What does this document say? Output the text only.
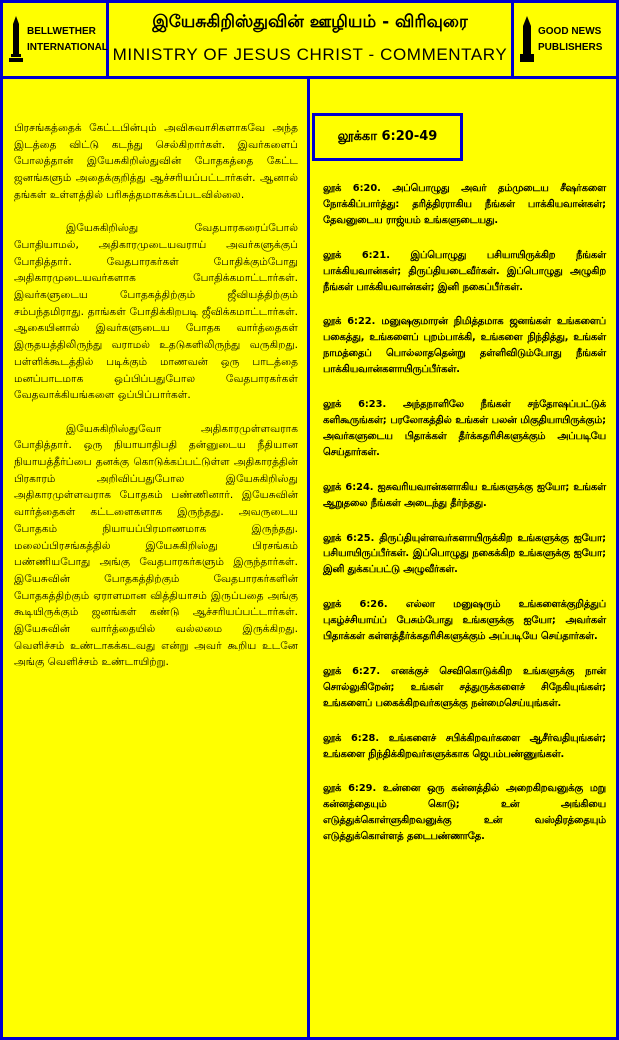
BELLWETHER
INTERNATIONAL
இயேசுகிறிஸ்துவின் ஊழியம் - விரிவுரை
MINISTRY OF JESUS CHRIST - COMMENTARY
GOOD NEWS
PUBLISHERS

பிரசங்கத்தைக் கேட்டபின்பும் அவிசுவாசிகளாகவே அந்த இடத்தை விட்டு கடந்து செல்கிறார்கள். இவர்களைப் போலத்தான் இயேசுகிறிஸ்துவின் போதகத்தை கேட்ட ஜனங்களும் அதைக்குறித்து ஆச்சரியப்பட்டார்கள். ஆனால் தங்கள் உள்ளத்தில் பரிசுத்தமாகக்கப்படவில்லை.

இயேசுகிறிஸ்து வேதபாரகரைப்போல் போதியாமல், அதிகாரமுடையவராய் அவர்களுக்குப் போதித்தார். வேதபாரகர்கள் போதிக்கும்போது அதிகாரமுடையவர்களாக போதிக்கமாட்டார்கள். இவர்களுடைய போதகத்திற்கும் ஜீவியத்திற்கும் சம்பந்தமிராது. தாங்கள் போதிக்கிறபடி ஜீவிக்கமாட்டார்கள். ஆகையினால் இவர்களுடைய போதக வார்த்தைகள் இருதயத்திலிருந்து வராமல் உதடுகளிலிருந்து வருகிறது. பள்ளிக்கூடத்தில் படிக்கும் மாணவன் ஒரு பாடத்தை மனப்பாடமாக ஒப்பிப்பதுபோல வேதபாரகர்கள் வேதவாக்கியங்களை ஒப்பிப்பார்கள்.

இயேசுகிறிஸ்துவோ அதிகாரமுள்ளவராக போதித்தார். ஒரு நியாயாதிபதி தன்னுடைய நீதியான நியாயத்தீர்ப்பை தனக்கு கொடுக்கப்பட்டுள்ள அதிகாரத்தின் பிரகாரம் அறிவிப்பதுபோல இயேசுகிறிஸ்து அதிகாரமுள்ளவராக போதகம் பண்ணினார். இயேசுவின் வார்த்தைகள் கட்டளைகளாக இருந்தது. அவருடைய போதகம் நியாயப்பிரமாணமாக இருந்தது. மலைப்பிரசங்கத்தில் இயேசுகிறிஸ்து பிரசங்கம் பண்ணியபோது அங்கு வேதபாரகர்களும் இருந்தார்கள். இயேசுவின் போதகத்திற்கும் வேதபாரகர்களின் போதகத்திற்கும் ஏராளமான வித்தியாசம் இருப்பதை அங்கு கூடியிருக்கும் ஜனங்கள் கண்டு ஆச்சரியப்பட்டார்கள். இயேசுவின் வார்த்தையில் வல்லமை இருக்கிறது. வெளிச்சம் உண்டாகக்கடவது என்று அவர் கூறிய உடனே அங்கு வெளிச்சம் உண்டாயிற்று.

லூக்கா 6:20-49

லூக் 6:20. அப்பொழுது அவர் தம்முடைய சீஷர்களை நோக்கிப்பார்த்து: தரித்திரராகிய நீங்கள் பாக்கியவான்கள்; தேவனுடைய ராஜ்யம் உங்களுடையது.

லூக் 6:21. இப்பொழுது பசியாயிருக்கிற நீங்கள் பாக்கியவான்கள்; திருப்தியடைவீர்கள். இப்பொழுது அழுகிற நீங்கள் பாக்கியவான்கள்; இனி நகைப்பீர்கள்.

லூக் 6:22. மனுஷகுமாரன் நிமித்தமாக ஜனங்கள் உங்களைப் பகைத்து, உங்களைப் புறம்பாக்கி, உங்களை நிந்தித்து, உங்கள் நாமத்தைப் பொல்லாததென்று தள்ளிவிடும்போது நீங்கள் பாக்கியவான்களாயிருப்பீர்கள்.

லூக் 6:23. அந்தநாளிலே நீங்கள் சந்தோஷப்பட்டுக் களிகூருங்கள்; பரலோகத்தில் உங்கள் பலன் மிகுதியாயிருக்கும்; அவர்களுடைய பிதாக்கள் தீர்க்கதரிசிகளுக்கும் அப்படியே செய்தார்கள்.

லூக் 6:24. ஐசுவரியவான்களாகிய உங்களுக்கு ஐயோ; உங்கள் ஆறுதலை நீங்கள் அடைந்து தீர்ந்தது.

லூக் 6:25. திருப்தியுள்ளவர்களாயிருக்கிற உங்களுக்கு ஐயோ; பசியாயிருப்பீர்கள். இப்பொழுது நகைக்கிற உங்களுக்கு ஐயோ; இனி துக்கப்பட்டு அழுவீர்கள்.

லூக் 6:26. எல்லா மனுஷரும் உங்களைக்குறித்துப் புகழ்ச்சியாய்ப் பேசும்போது உங்களுக்கு ஐயோ; அவர்கள் பிதாக்கள் கள்ளத்தீர்க்கதரிசிகளுக்கும் அப்படியே செய்தார்கள்.

லூக் 6:27. எனக்குச் செவிகொடுக்கிற உங்களுக்கு நான் சொல்லுகிறேன்; உங்கள் சத்துருக்களைச் சிநேகியுங்கள்; உங்களைப் பகைக்கிறவர்களுக்கு நன்மைசெய்யுங்கள்.

லூக் 6:28. உங்களைச் சபிக்கிறவர்களை ஆசீர்வதியுங்கள்; உங்களை நிந்திக்கிறவர்களுக்காக ஜெபம்பண்ணுங்கள்.

லூக் 6:29. உன்னை ஒரு கன்னத்தில் அறைகிறவனுக்கு மறு கன்னத்தையும் கொடு; உன் அங்கியை எடுத்துக்கொள்ளுகிறவனுக்கு உன் வஸ்திரத்தையும் எடுத்துக்கொள்ளத் தடைபண்ணாதே.
